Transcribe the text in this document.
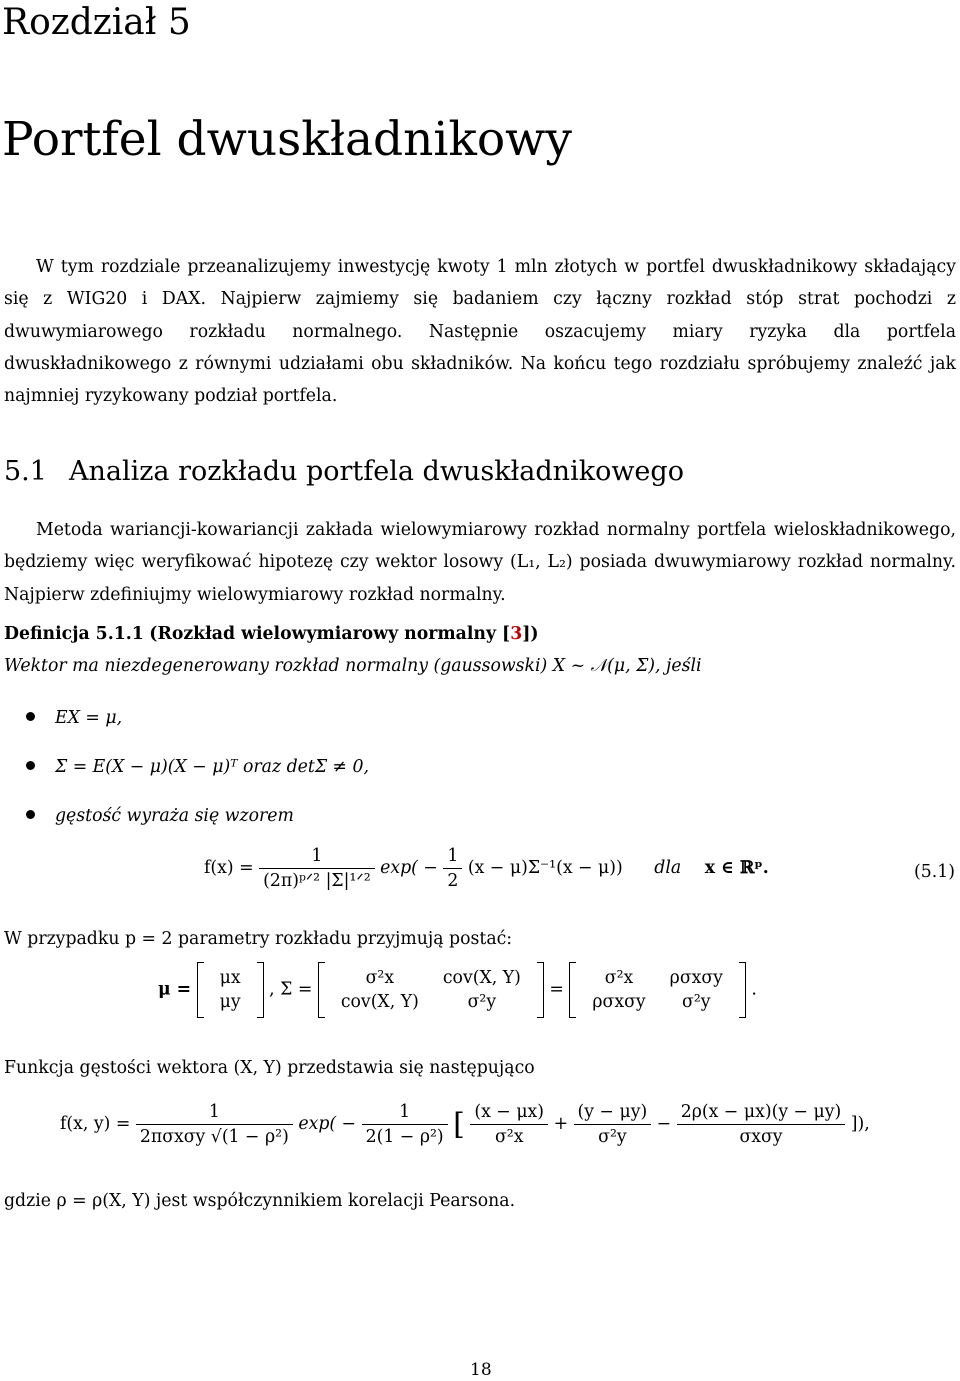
Rozdział 5
Portfel dwuskładnikowy
W tym rozdziale przeanalizujemy inwestycję kwoty 1 mln złotych w portfel dwuskładnikowy składający się z WIG20 i DAX. Najpierw zajmiemy się badaniem czy łączny rozkład stóp strat pochodzi z dwuwymiarowego rozkładu normalnego. Następnie oszacujemy miary ryzyka dla portfela dwuskładnikowego z równymi udziałami obu składników. Na końcu tego rozdziału spróbujemy znaleźć jak najmniej ryzykowany podział portfela.
5.1 Analiza rozkładu portfela dwuskładnikowego
Metoda wariancji-kowariancji zakłada wielowymiarowy rozkład normalny portfela wieloskładnikowego, będziemy więc weryfikować hipotezę czy wektor losowy (L₁, L₂) posiada dwuwymiarowy rozkład normalny. Najpierw zdefiniujmy wielowymiarowy rozkład normalny.
Definicja 5.1.1 (Rozkład wielowymiarowy normalny [3])
Wektor ma niezdegenerowany rozkład normalny (gaussowski) X ~ 𝒩(μ, Σ), jeśli
EX = μ,
Σ = E(X − μ)(X − μ)ᵀ oraz detΣ ≠ 0,
gęstość wyraża się wzorem
$f(x) = \frac{1}{\text{(2π)ᵖᐟ² |Σ|¹ᐟ²}} \exp( - \frac{1}{2} (x - \mu)\Sigma^{-1}(x - \mu))$ dla x ∈ ℝᵖ.	(5.1)
W przypadku p = 2 parametry rozkładu przyjmują postać:
μ =
μx
μy
, Σ =
σ²x	cov(X, Y)
cov(X, Y)	σ²y
=
σ²x	ρσxσy
ρσxσy	σ²y
.
Funkcja gęstości wektora (X, Y) przedstawia się następująco
f(x, $y) = \frac{1}{\text{2πσxσy √(1 − ρ²)}} \exp( - \frac{1}{\text{2(1 − ρ²)}}$ [ $\frac{(x - \mu x)}{\text{σ²x}} + \frac{(y - \mu y)}{\text{σ²y}} - \frac{2\rho(x - \mu x)(y - \mu y)}{\text{σxσy}}$ ]),
gdzie ρ = ρ(X, Y) jest współczynnikiem korelacji Pearsona.
18
